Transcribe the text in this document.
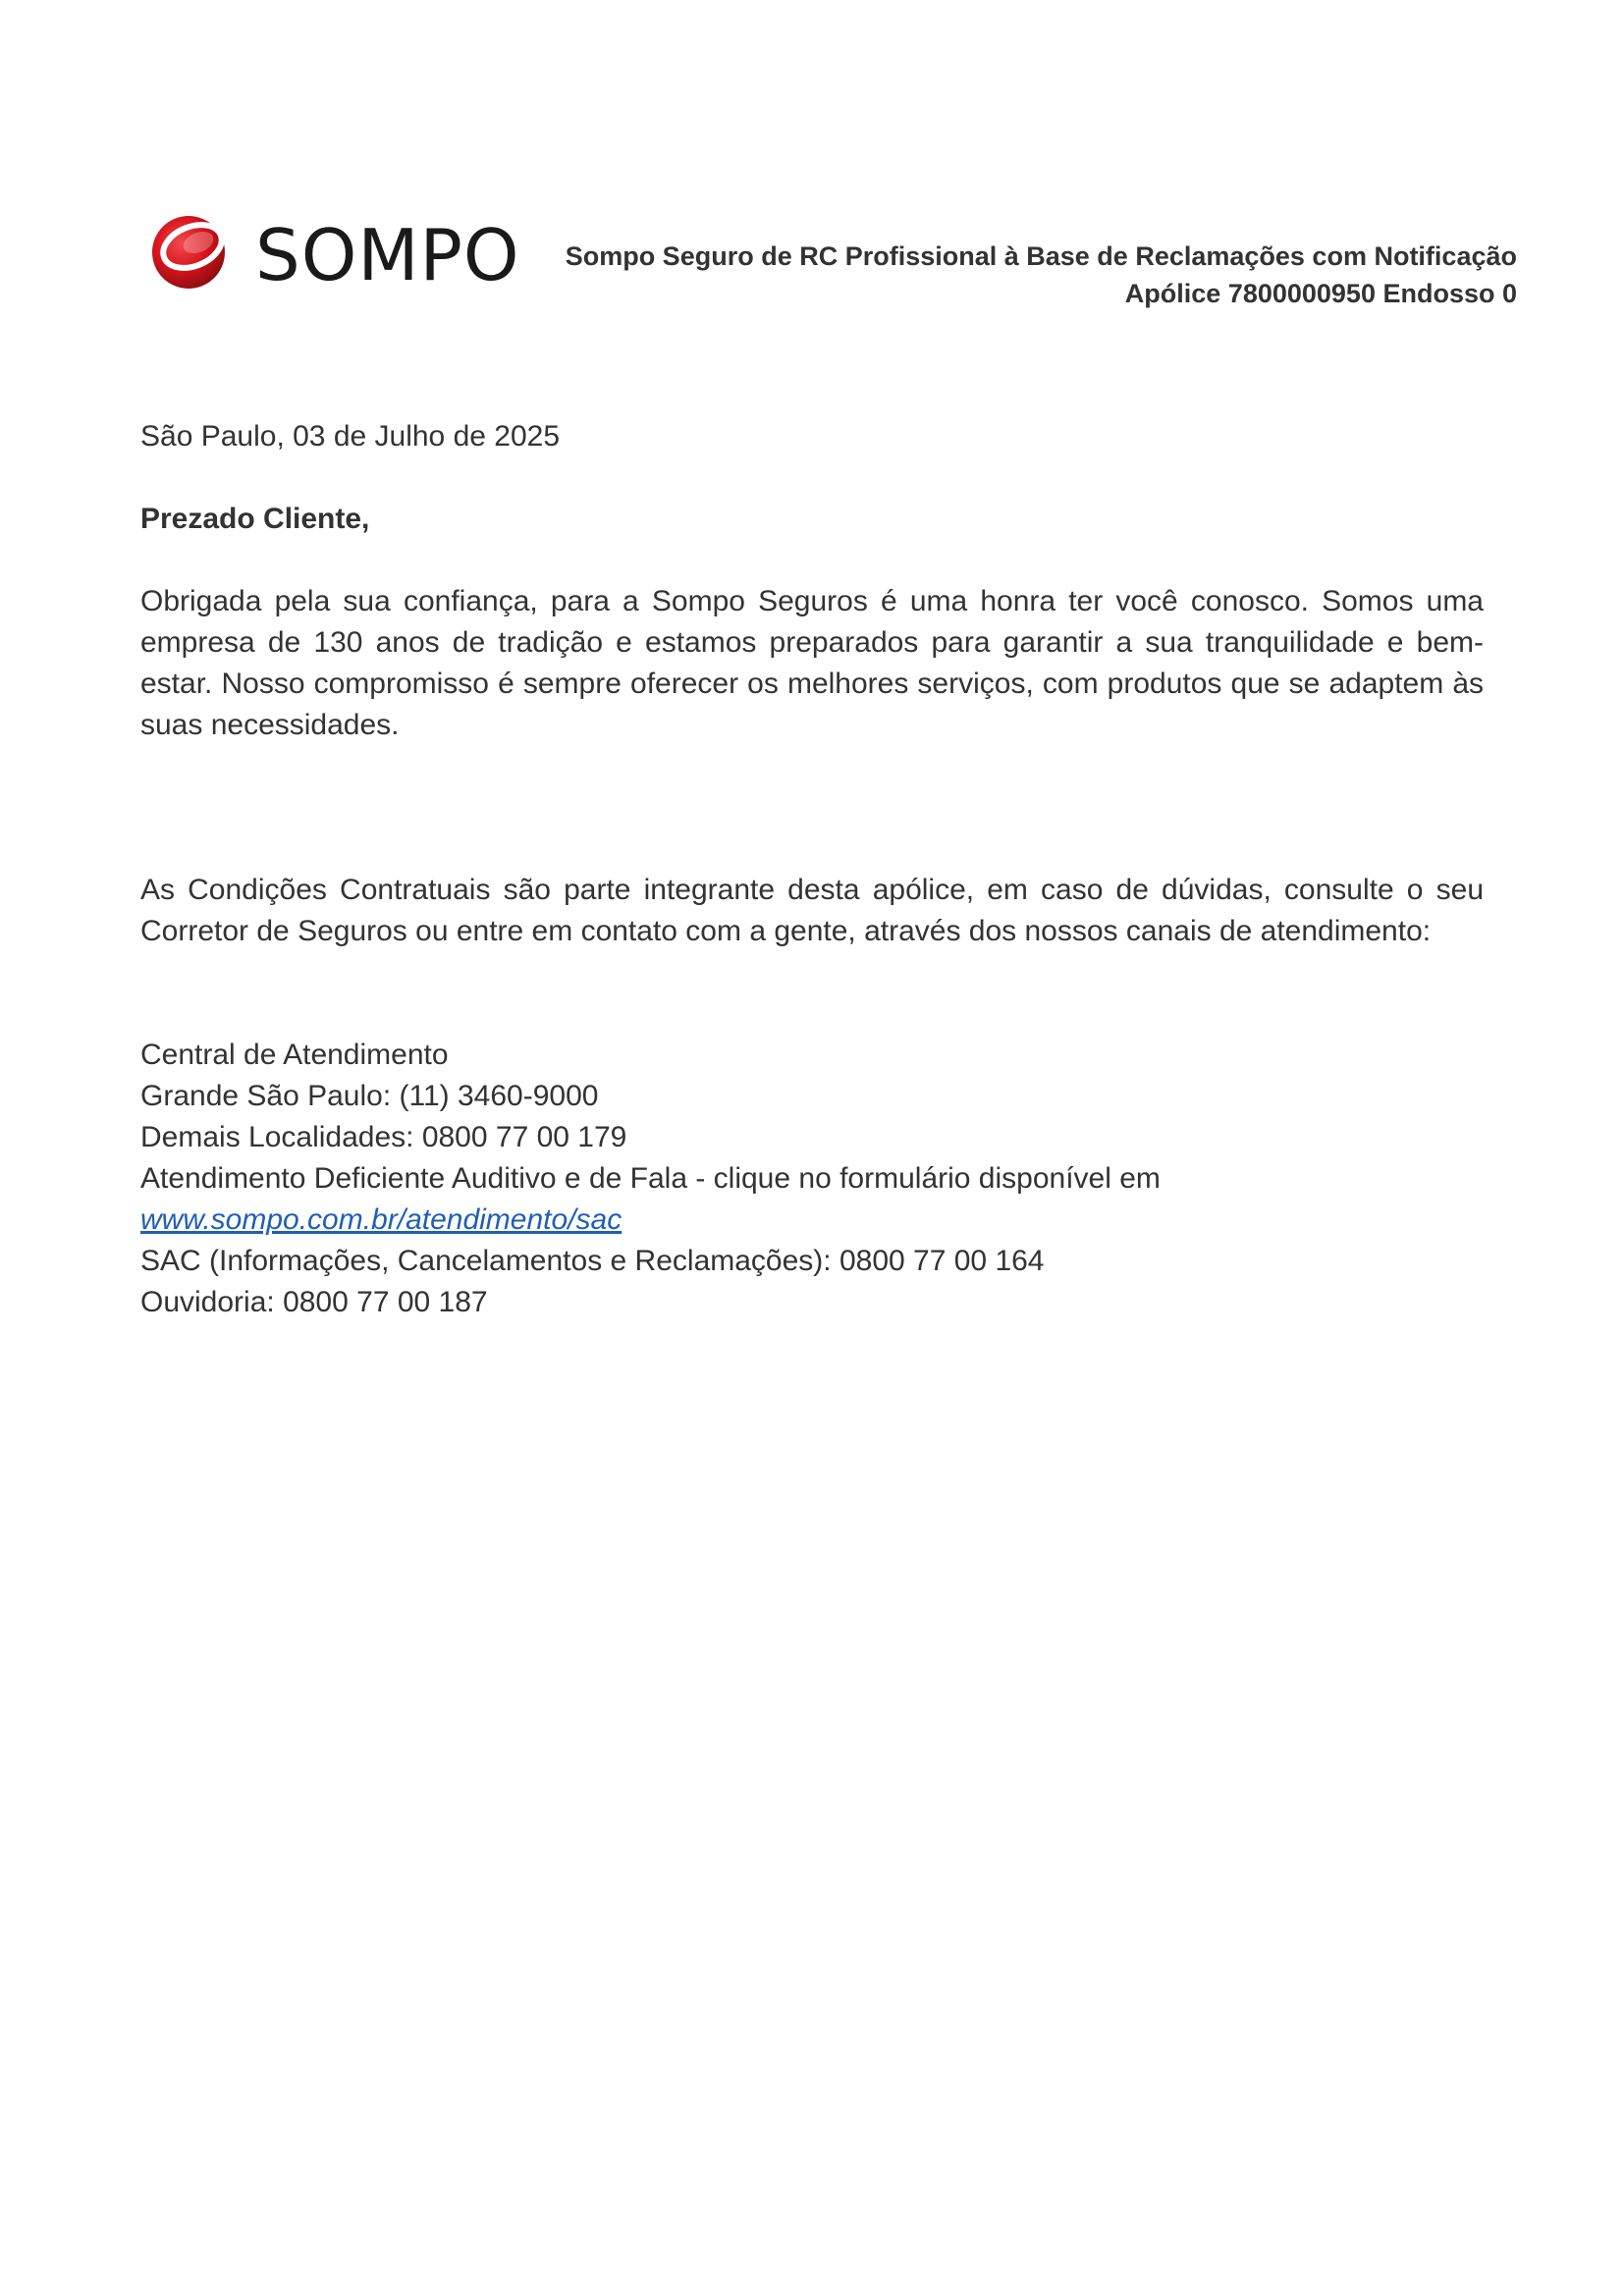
SOMPO	Sompo Seguro de RC Profissional à Base de Reclamações com Notificação
Apólice 7800000950 Endosso 0

São Paulo, 03 de Julho de 2025

Prezado Cliente,

Obrigada pela sua confiança, para a Sompo Seguros é uma honra ter você conosco. Somos uma empresa de 130 anos de tradição e estamos preparados para garantir a sua tranquilidade e bem-estar. Nosso compromisso é sempre oferecer os melhores serviços, com produtos que se adaptem às suas necessidades.

As Condições Contratuais são parte integrante desta apólice, em caso de dúvidas, consulte o seu Corretor de Seguros ou entre em contato com a gente, através dos nossos canais de atendimento:

Central de Atendimento
Grande São Paulo: (11) 3460-9000
Demais Localidades: 0800 77 00 179
Atendimento Deficiente Auditivo e de Fala - clique no formulário disponível em
www.sompo.com.br/atendimento/sac
SAC (Informações, Cancelamentos e Reclamações): 0800 77 00 164
Ouvidoria: 0800 77 00 187
